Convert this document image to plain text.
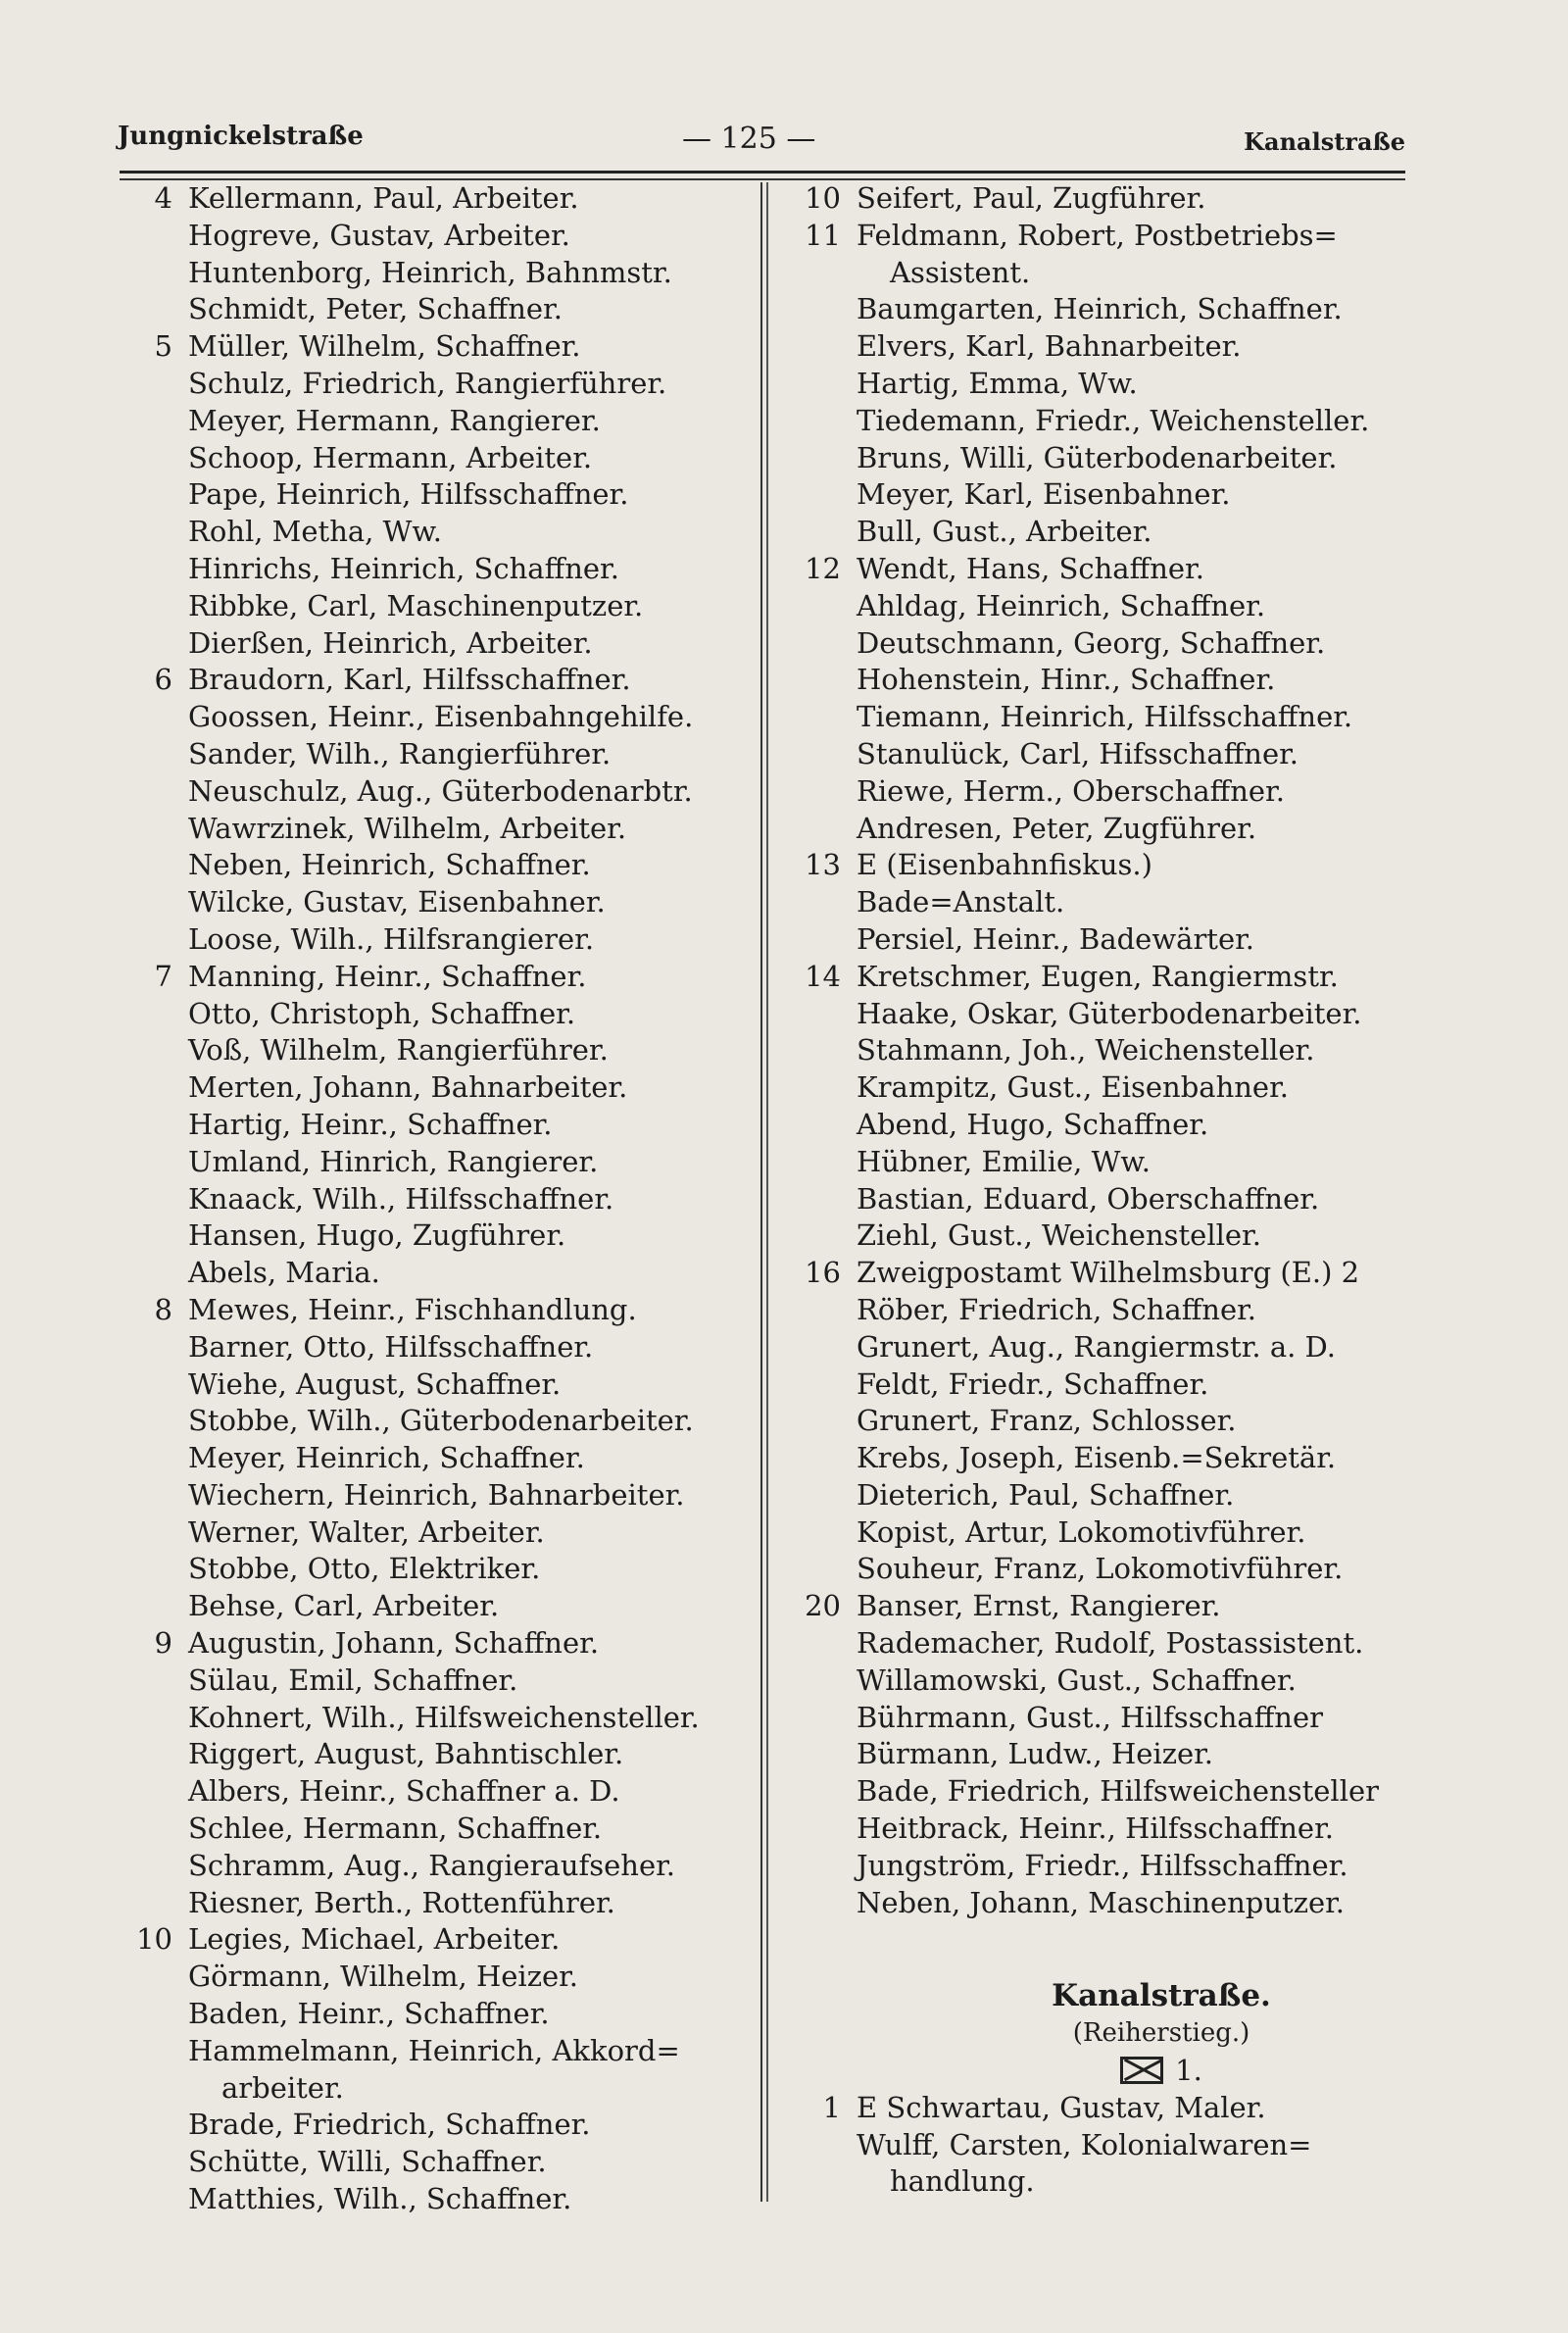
Jungnickelstraße	— 125 —	Kanalstraße
4 Kellermann, Paul, Arbeiter.
Hogreve, Gustav, Arbeiter.
Huntenborg, Heinrich, Bahnmstr.
Schmidt, Peter, Schaffner.
5 Müller, Wilhelm, Schaffner.
Schulz, Friedrich, Rangierführer.
Meyer, Hermann, Rangierer.
Schoop, Hermann, Arbeiter.
Pape, Heinrich, Hilfsschaffner.
Rohl, Metha, Ww.
Hinrichs, Heinrich, Schaffner.
Ribbke, Carl, Maschinenputzer.
Dierßen, Heinrich, Arbeiter.
6 Braudorn, Karl, Hilfsschaffner.
Goossen, Heinr., Eisenbahngehilfe.
Sander, Wilh., Rangierführer.
Neuschulz, Aug., Güterbodenarbtr.
Wawrzinek, Wilhelm, Arbeiter.
Neben, Heinrich, Schaffner.
Wilcke, Gustav, Eisenbahner.
Loose, Wilh., Hilfsrangierer.
7 Manning, Heinr., Schaffner.
Otto, Christoph, Schaffner.
Voß, Wilhelm, Rangierführer.
Merten, Johann, Bahnarbeiter.
Hartig, Heinr., Schaffner.
Umland, Hinrich, Rangierer.
Knaack, Wilh., Hilfsschaffner.
Hansen, Hugo, Zugführer.
Abels, Maria.
8 Mewes, Heinr., Fischhandlung.
Barner, Otto, Hilfsschaffner.
Wiehe, August, Schaffner.
Stobbe, Wilh., Güterbodenarbeiter.
Meyer, Heinrich, Schaffner.
Wiechern, Heinrich, Bahnarbeiter.
Werner, Walter, Arbeiter.
Stobbe, Otto, Elektriker.
Behse, Carl, Arbeiter.
9 Augustin, Johann, Schaffner.
Sülau, Emil, Schaffner.
Kohnert, Wilh., Hilfsweichensteller.
Riggert, August, Bahntischler.
Albers, Heinr., Schaffner a. D.
Schlee, Hermann, Schaffner.
Schramm, Aug., Rangieraufseher.
Riesner, Berth., Rottenführer.
10 Legies, Michael, Arbeiter.
Görmann, Wilhelm, Heizer.
Baden, Heinr., Schaffner.
Hammelmann, Heinrich, Akkord=
arbeiter.
Brade, Friedrich, Schaffner.
Schütte, Willi, Schaffner.
Matthies, Wilh., Schaffner.
10 Seifert, Paul, Zugführer.
11 Feldmann, Robert, Postbetriebs=
Assistent.
Baumgarten, Heinrich, Schaffner.
Elvers, Karl, Bahnarbeiter.
Hartig, Emma, Ww.
Tiedemann, Friedr., Weichensteller.
Bruns, Willi, Güterbodenarbeiter.
Meyer, Karl, Eisenbahner.
Bull, Gust., Arbeiter.
12 Wendt, Hans, Schaffner.
Ahldag, Heinrich, Schaffner.
Deutschmann, Georg, Schaffner.
Hohenstein, Hinr., Schaffner.
Tiemann, Heinrich, Hilfsschaffner.
Stanulück, Carl, Hifsschaffner.
Riewe, Herm., Oberschaffner.
Andresen, Peter, Zugführer.
13 E (Eisenbahnfiskus.)
Bade=Anstalt.
Persiel, Heinr., Badewärter.
14 Kretschmer, Eugen, Rangiermstr.
Haake, Oskar, Güterbodenarbeiter.
Stahmann, Joh., Weichensteller.
Krampitz, Gust., Eisenbahner.
Abend, Hugo, Schaffner.
Hübner, Emilie, Ww.
Bastian, Eduard, Oberschaffner.
Ziehl, Gust., Weichensteller.
16 Zweigpostamt Wilhelmsburg (E.) 2
Röber, Friedrich, Schaffner.
Grunert, Aug., Rangiermstr. a. D.
Feldt, Friedr., Schaffner.
Grunert, Franz, Schlosser.
Krebs, Joseph, Eisenb.=Sekretär.
Dieterich, Paul, Schaffner.
Kopist, Artur, Lokomotivführer.
Souheur, Franz, Lokomotivführer.
20 Banser, Ernst, Rangierer.
Rademacher, Rudolf, Postassistent.
Willamowski, Gust., Schaffner.
Bührmann, Gust., Hilfsschaffner
Bürmann, Ludw., Heizer.
Bade, Friedrich, Hilfsweichensteller
Heitbrack, Heinr., Hilfsschaffner.
Jungström, Friedr., Hilfsschaffner.
Neben, Johann, Maschinenputzer.
Kanalstraße.
(Reiherstieg.)
1.
1 E Schwartau, Gustav, Maler.
Wulff, Carsten, Kolonialwaren=
handlung.
